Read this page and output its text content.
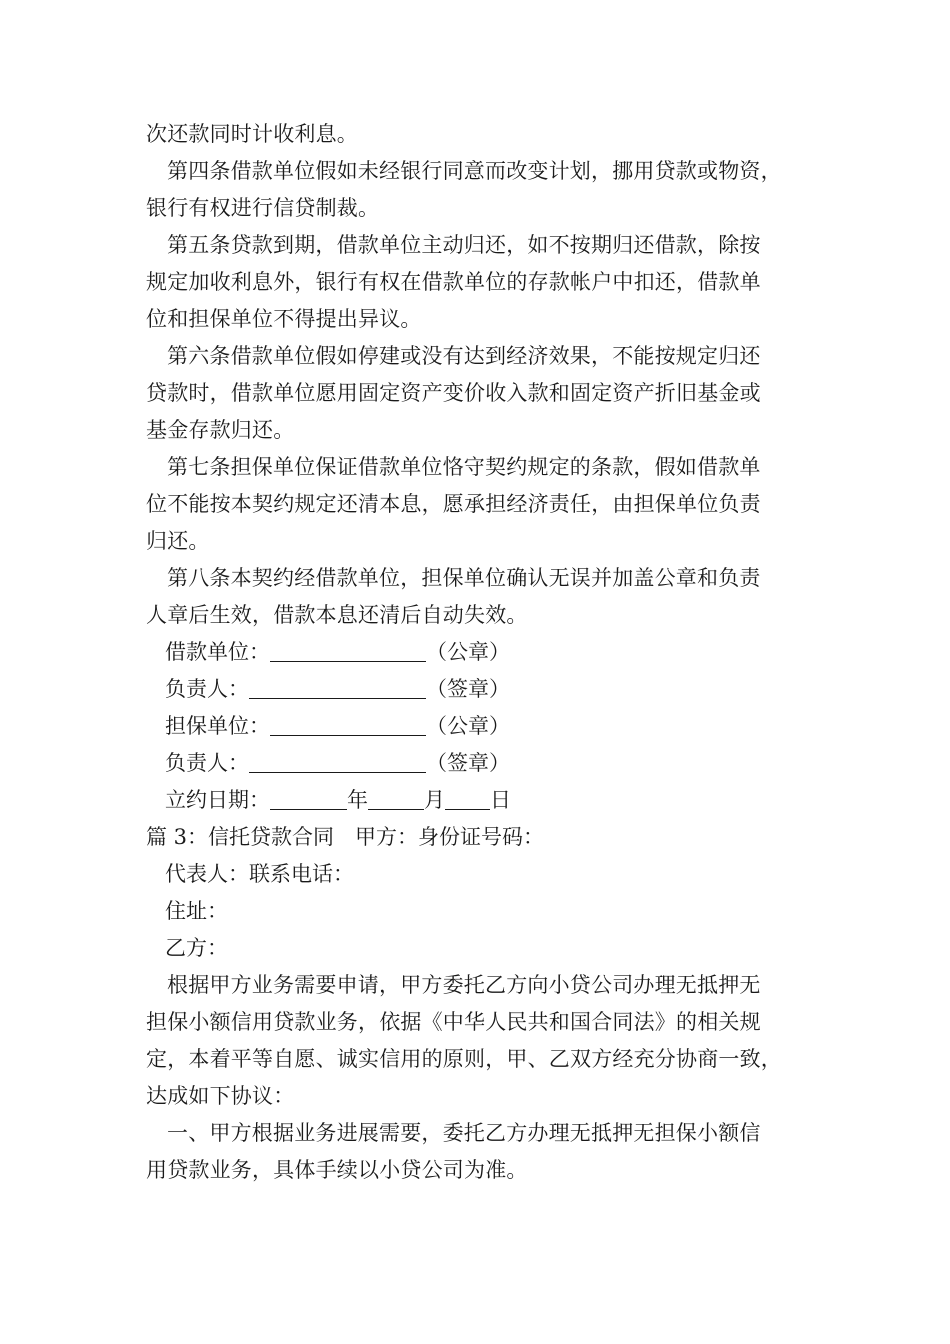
次还款同时计收利息。
第四条借款单位假如未经银行同意而改变计划，挪用贷款或物资，
银行有权进行信贷制裁。
第五条贷款到期，借款单位主动归还，如不按期归还借款，除按
规定加收利息外，银行有权在借款单位的存款帐户中扣还，借款单
位和担保单位不得提出异议。
第六条借款单位假如停建或没有达到经济效果，不能按规定归还
贷款时，借款单位愿用固定资产变价收入款和固定资产折旧基金或
基金存款归还。
第七条担保单位保证借款单位恪守契约规定的条款，假如借款单
位不能按本契约规定还清本息，愿承担经济责任，由担保单位负责
归还。
第八条本契约经借款单位，担保单位确认无误并加盖公章和负责
人章后生效，借款本息还清后自动失效。
借款单位：	（公章）
负责人：	（签章）
担保单位：	（公章）
负责人：	（签章）
立约日期：	年	月 日
篇 3：信托贷款合同　甲方：身份证号码：
代表人：联系电话：
住址：
乙方：
根据甲方业务需要申请，甲方委托乙方向小贷公司办理无抵押无
担保小额信用贷款业务，依据《中华人民共和国合同法》的相关规
定，本着平等自愿、诚实信用的原则，甲、乙双方经充分协商一致，
达成如下协议：
一、甲方根据业务进展需要，委托乙方办理无抵押无担保小额信
用贷款业务，具体手续以小贷公司为准。
